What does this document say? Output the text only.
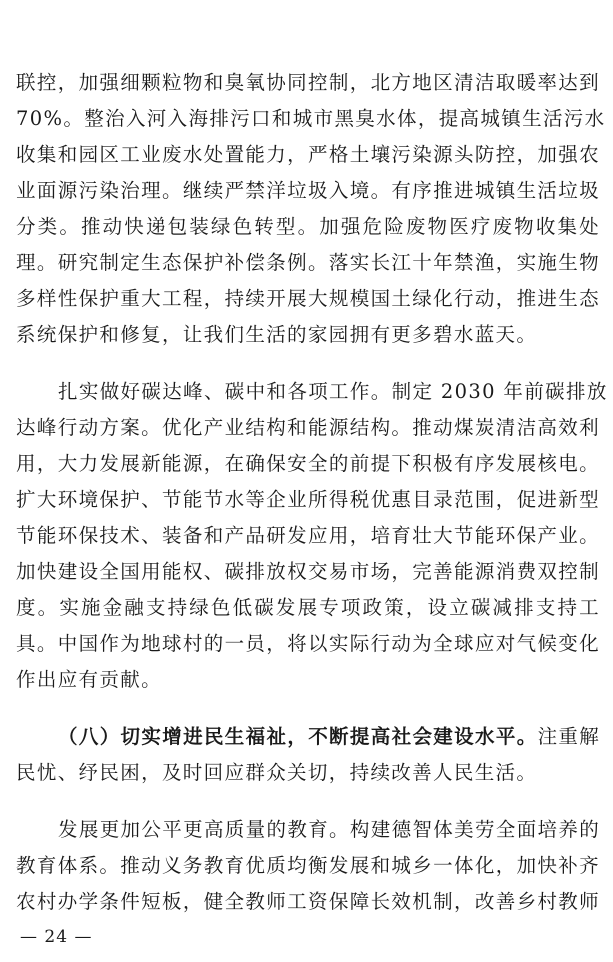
联控，加强细颗粒物和臭氧协同控制，北方地区清洁取暖率达到
70%。整治入河入海排污口和城市黑臭水体，提高城镇生活污水
收集和园区工业废水处置能力，严格土壤污染源头防控，加强农
业面源污染治理。继续严禁洋垃圾入境。有序推进城镇生活垃圾
分类。推动快递包装绿色转型。加强危险废物医疗废物收集处
理。研究制定生态保护补偿条例。落实长江十年禁渔，实施生物
多样性保护重大工程，持续开展大规模国土绿化行动，推进生态
系统保护和修复，让我们生活的家园拥有更多碧水蓝天。
扎实做好碳达峰、碳中和各项工作。制定 2030 年前碳排放
达峰行动方案。优化产业结构和能源结构。推动煤炭清洁高效利
用，大力发展新能源，在确保安全的前提下积极有序发展核电。
扩大环境保护、节能节水等企业所得税优惠目录范围，促进新型
节能环保技术、装备和产品研发应用，培育壮大节能环保产业。
加快建设全国用能权、碳排放权交易市场，完善能源消费双控制
度。实施金融支持绿色低碳发展专项政策，设立碳减排支持工
具。中国作为地球村的一员，将以实际行动为全球应对气候变化
作出应有贡献。
（八）切实增进民生福祉，不断提高社会建设水平。注重解
民忧、纾民困，及时回应群众关切，持续改善人民生活。
发展更加公平更高质量的教育。构建德智体美劳全面培养的
教育体系。推动义务教育优质均衡发展和城乡一体化，加快补齐
农村办学条件短板，健全教师工资保障长效机制，改善乡村教师
— 24 —
